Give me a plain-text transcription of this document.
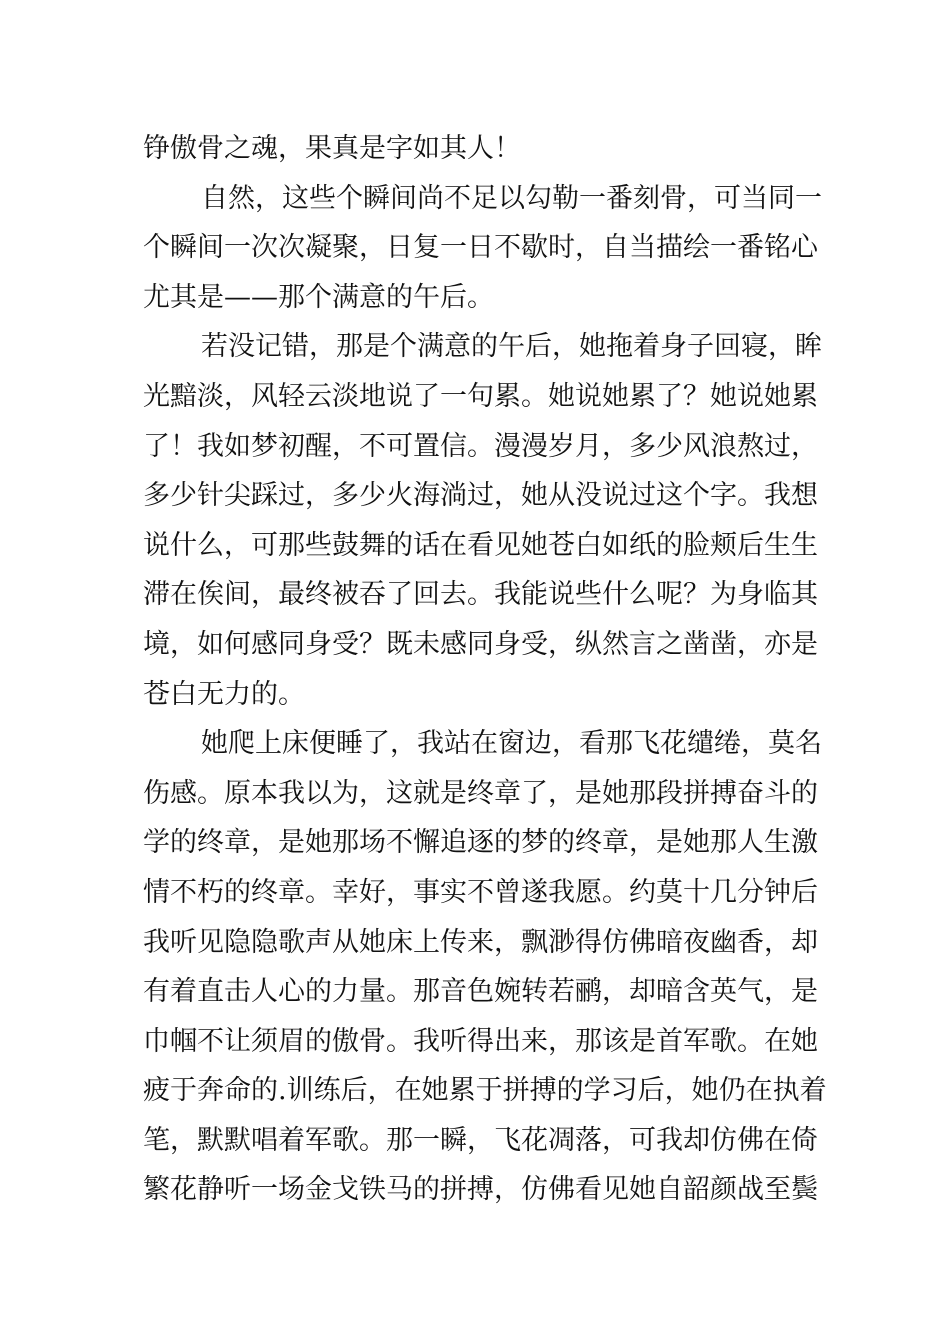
铮傲骨之魂，果真是字如其人！
自然，这些个瞬间尚不足以勾勒一番刻骨，可当同一
个瞬间一次次凝聚，日复一日不歇时，自当描绘一番铭心
尤其是——那个满意的午后。
若没记错，那是个满意的午后，她拖着身子回寝，眸
光黯淡，风轻云淡地说了一句累。她说她累了？她说她累
了！我如梦初醒，不可置信。漫漫岁月，多少风浪熬过，
多少针尖踩过，多少火海淌过，她从没说过这个字。我想
说什么，可那些鼓舞的话在看见她苍白如纸的脸颊后生生
滞在俟间，最终被吞了回去。我能说些什么呢？为身临其
境，如何感同身受？既未感同身受，纵然言之凿凿，亦是
苍白无力的。
她爬上床便睡了，我站在窗边，看那飞花缱绻，莫名
伤感。原本我以为，这就是终章了，是她那段拼搏奋斗的
学的终章，是她那场不懈追逐的梦的终章，是她那人生激
情不朽的终章。幸好，事实不曾遂我愿。约莫十几分钟后
我听见隐隐歌声从她床上传来，飘渺得仿佛暗夜幽香，却
有着直击人心的力量。那音色婉转若鹂，却暗含英气，是
巾帼不让须眉的傲骨。我听得出来，那该是首军歌。在她
疲于奔命的.训练后，在她累于拼搏的学习后，她仍在执着
笔，默默唱着军歌。那一瞬，飞花凋落，可我却仿佛在倚
繁花静听一场金戈铁马的拼搏，仿佛看见她自韶颜战至鬓
